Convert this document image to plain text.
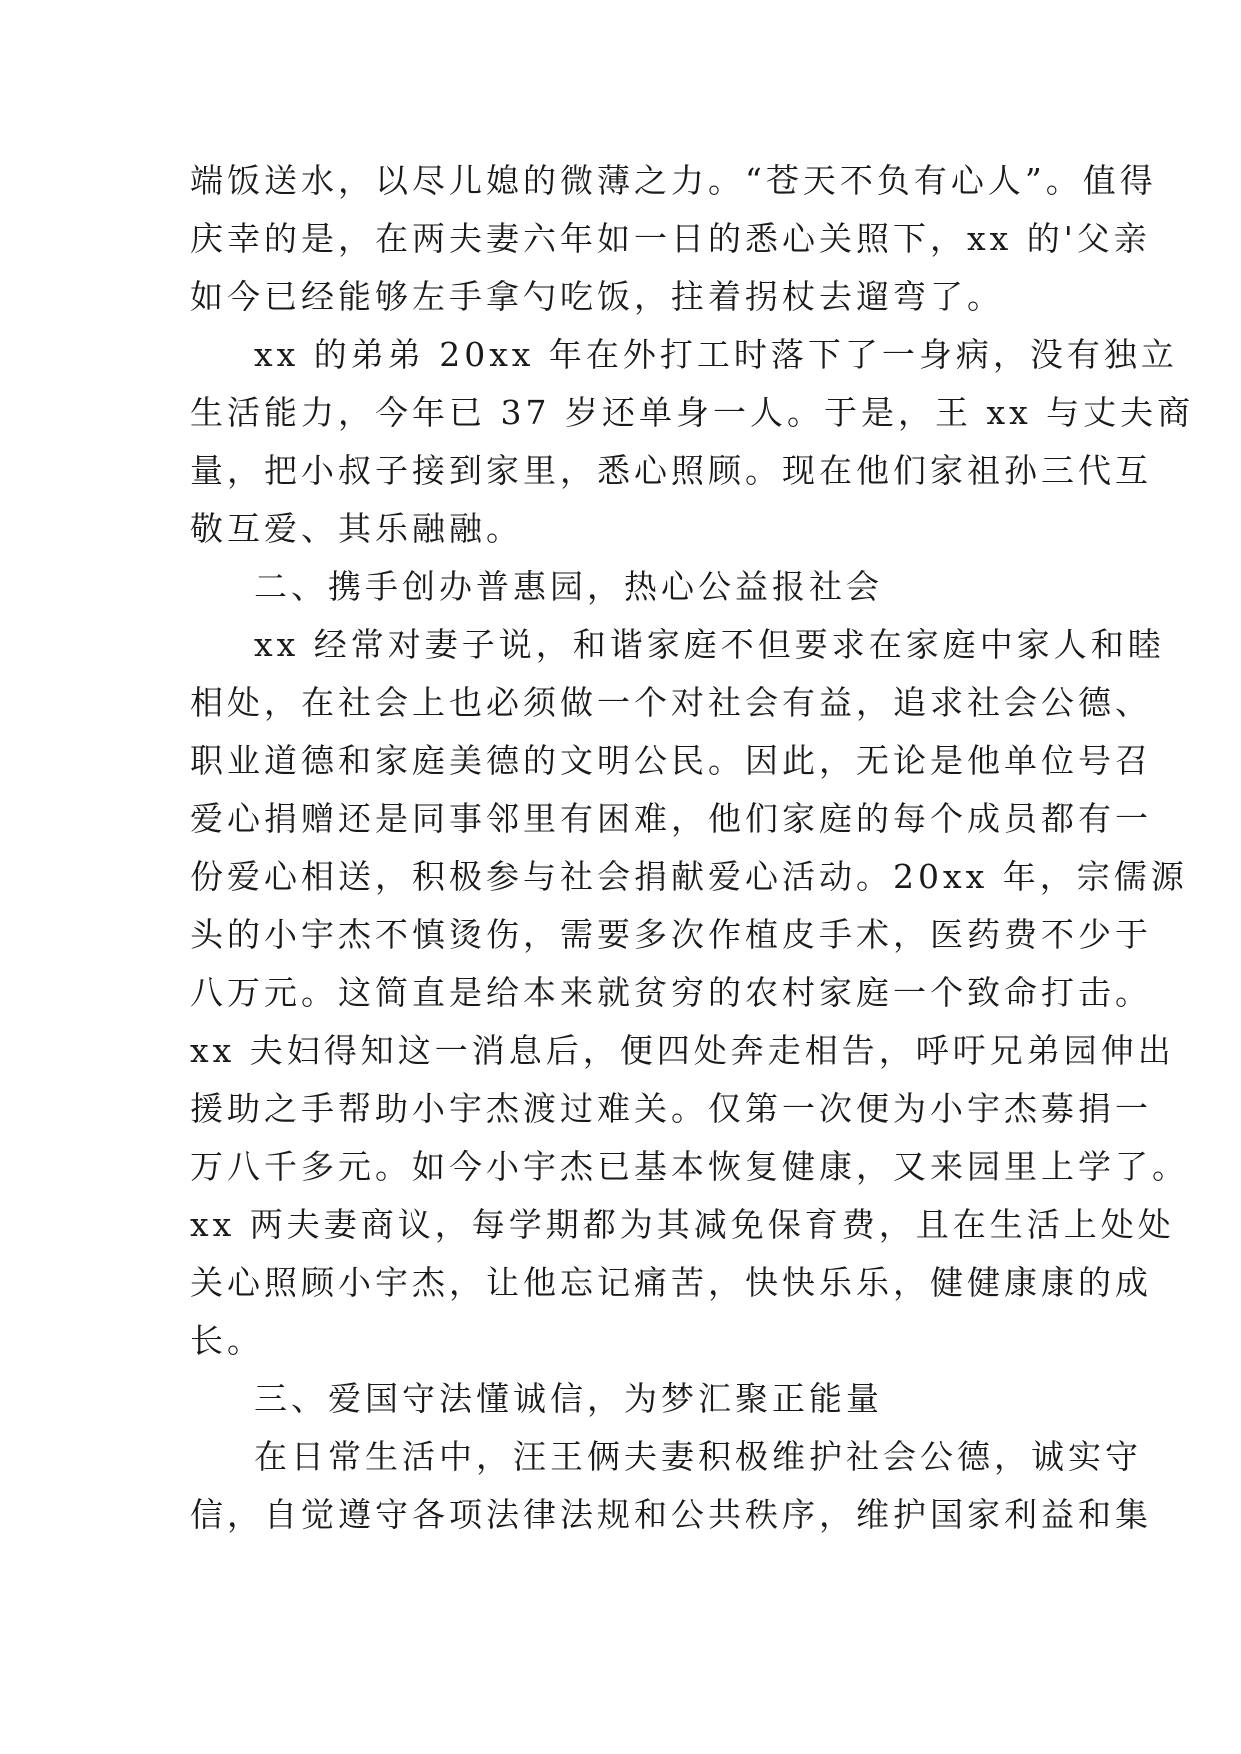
端饭送水，以尽儿媳的微薄之力。“苍天不负有心人”。值得
庆幸的是，在两夫妻六年如一日的悉心关照下，xx 的'父亲
如今已经能够左手拿勺吃饭，拄着拐杖去遛弯了。
xx 的弟弟 20xx 年在外打工时落下了一身病，没有独立
生活能力，今年已 37 岁还单身一人。于是，王 xx 与丈夫商
量，把小叔子接到家里，悉心照顾。现在他们家祖孙三代互
敬互爱、其乐融融。
二、携手创办普惠园，热心公益报社会
xx 经常对妻子说，和谐家庭不但要求在家庭中家人和睦
相处，在社会上也必须做一个对社会有益，追求社会公德、
职业道德和家庭美德的文明公民。因此，无论是他单位号召
爱心捐赠还是同事邻里有困难，他们家庭的每个成员都有一
份爱心相送，积极参与社会捐献爱心活动。20xx 年，宗儒源
头的小宇杰不慎烫伤，需要多次作植皮手术，医药费不少于
八万元。这简直是给本来就贫穷的农村家庭一个致命打击。
xx 夫妇得知这一消息后，便四处奔走相告，呼吁兄弟园伸出
援助之手帮助小宇杰渡过难关。仅第一次便为小宇杰募捐一
万八千多元。如今小宇杰已基本恢复健康，又来园里上学了。
xx 两夫妻商议，每学期都为其减免保育费，且在生活上处处
关心照顾小宇杰，让他忘记痛苦，快快乐乐，健健康康的成
长。
三、爱国守法懂诚信，为梦汇聚正能量
在日常生活中，汪王俩夫妻积极维护社会公德，诚实守
信，自觉遵守各项法律法规和公共秩序，维护国家利益和集
